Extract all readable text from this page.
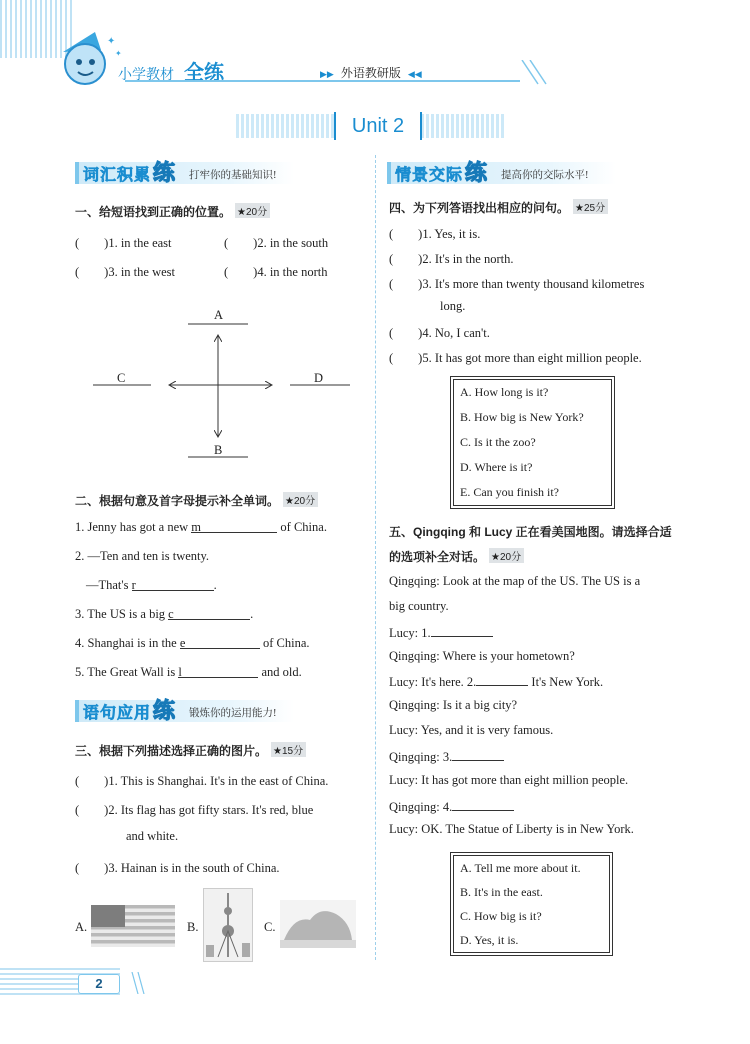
✦
✦
小学教材 全练	▶▶ 外语教研版 ◀◀
Unit 2
词汇积累 练 打牢你的基础知识!
一、给短语找到正确的位置。 ★20分
(　　)1. in the east	(　　)2. in the south
(　　)3. in the west	(　　)4. in the north
A
B
C	D
二、根据句意及首字母提示补全单词。 ★20分
1. Jenny has got a new m	of China.
2. —Ten and ten is twenty.
—That's r	.
3. The US is a big c	.
4. Shanghai is in the e	of China.
5. The Great Wall is l	and old.
语句应用 练 锻炼你的运用能力!
三、根据下列描述选择正确的图片。 ★15分
(　　)1. This is Shanghai. It's in the east of China.
(　　)2. Its flag has got fifty stars. It's red, blue
and white.
(　　)3. Hainan is in the south of China.
A.	B.	C.
情景交际 练 提高你的交际水平!
四、为下列答语找出相应的问句。 ★25分
(　　)1. Yes, it is.
(　　)2. It's in the north.
(　　)3. It's more than twenty thousand kilometres
long.
(　　)4. No, I can't.
(　　)5. It has got more than eight million people.
A. How long is it?
B. How big is New York?
C. Is it the zoo?
D. Where is it?
E. Can you finish it?
五、Qingqing 和 Lucy 正在看美国地图。请选择合适
的选项补全对话。 ★20分
Qingqing: Look at the map of the US. The US is a
big country.
Lucy: 1.
Qingqing: Where is your hometown?
Lucy: It's here. 2.	It's New York.
Qingqing: Is it a big city?
Lucy: Yes, and it is very famous.
Qingqing: 3.
Lucy: It has got more than eight million people.
Qingqing: 4.
Lucy: OK. The Statue of Liberty is in New York.
A. Tell me more about it.
B. It's in the east.
C. How big is it?
D. Yes, it is.
2
